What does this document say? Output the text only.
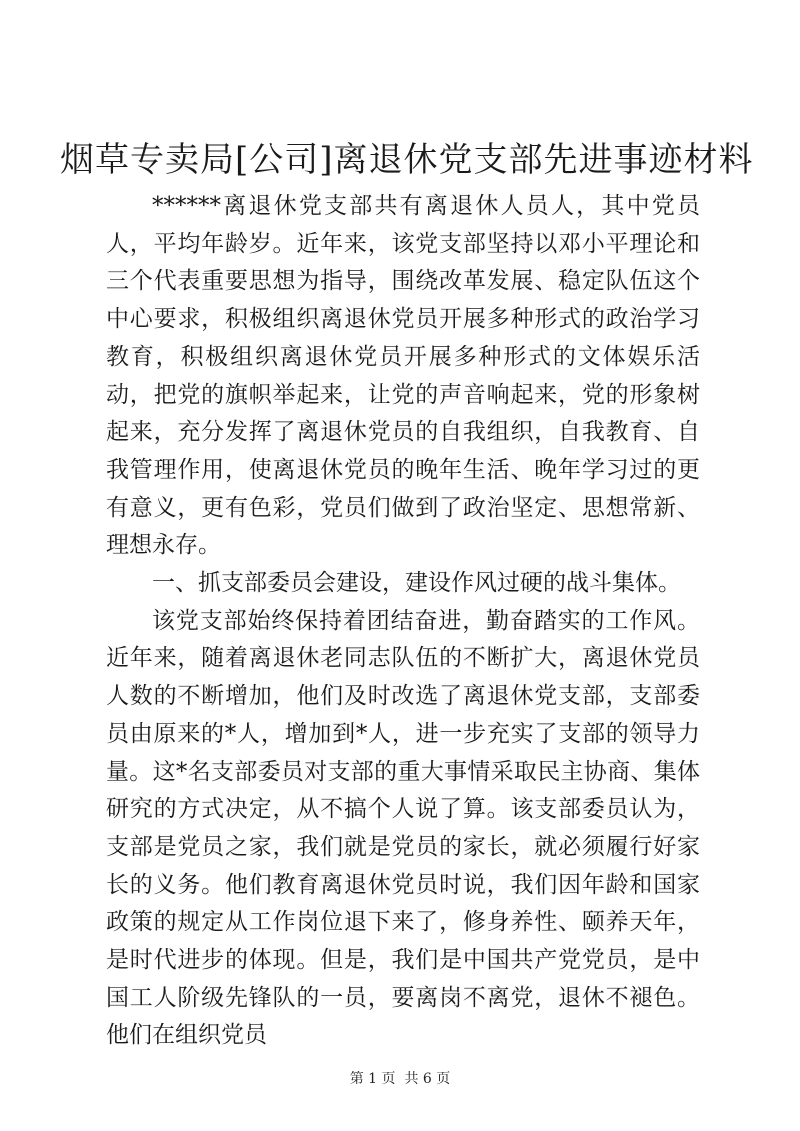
烟草专卖局[公司]离退休党支部先进事迹材料

******离退休党支部共有离退休人员人，其中党员人，平均年龄岁。近年来，该党支部坚持以邓小平理论和三个代表重要思想为指导，围绕改革发展、稳定队伍这个中心要求，积极组织离退休党员开展多种形式的政治学习教育，积极组织离退休党员开展多种形式的文体娱乐活动，把党的旗帜举起来，让党的声音响起来，党的形象树起来，充分发挥了离退休党员的自我组织，自我教育、自我管理作用，使离退休党员的晚年生活、晚年学习过的更有意义，更有色彩，党员们做到了政治坚定、思想常新、理想永存。

一、抓支部委员会建设，建设作风过硬的战斗集体。

该党支部始终保持着团结奋进，勤奋踏实的工作风。近年来，随着离退休老同志队伍的不断扩大，离退休党员人数的不断增加，他们及时改选了离退休党支部，支部委员由原来的*人，增加到*人，进一步充实了支部的领导力量。这*名支部委员对支部的重大事情采取民主协商、集体研究的方式决定，从不搞个人说了算。该支部委员认为，支部是党员之家，我们就是党员的家长，就必须履行好家长的义务。他们教育离退休党员时说，我们因年龄和国家政策的规定从工作岗位退下来了，修身养性、颐养天年，是时代进步的体现。但是，我们是中国共产党党员，是中国工人阶级先锋队的一员，要离岗不离党，退休不褪色。他们在组织党员

第 1 页  共 6 页
